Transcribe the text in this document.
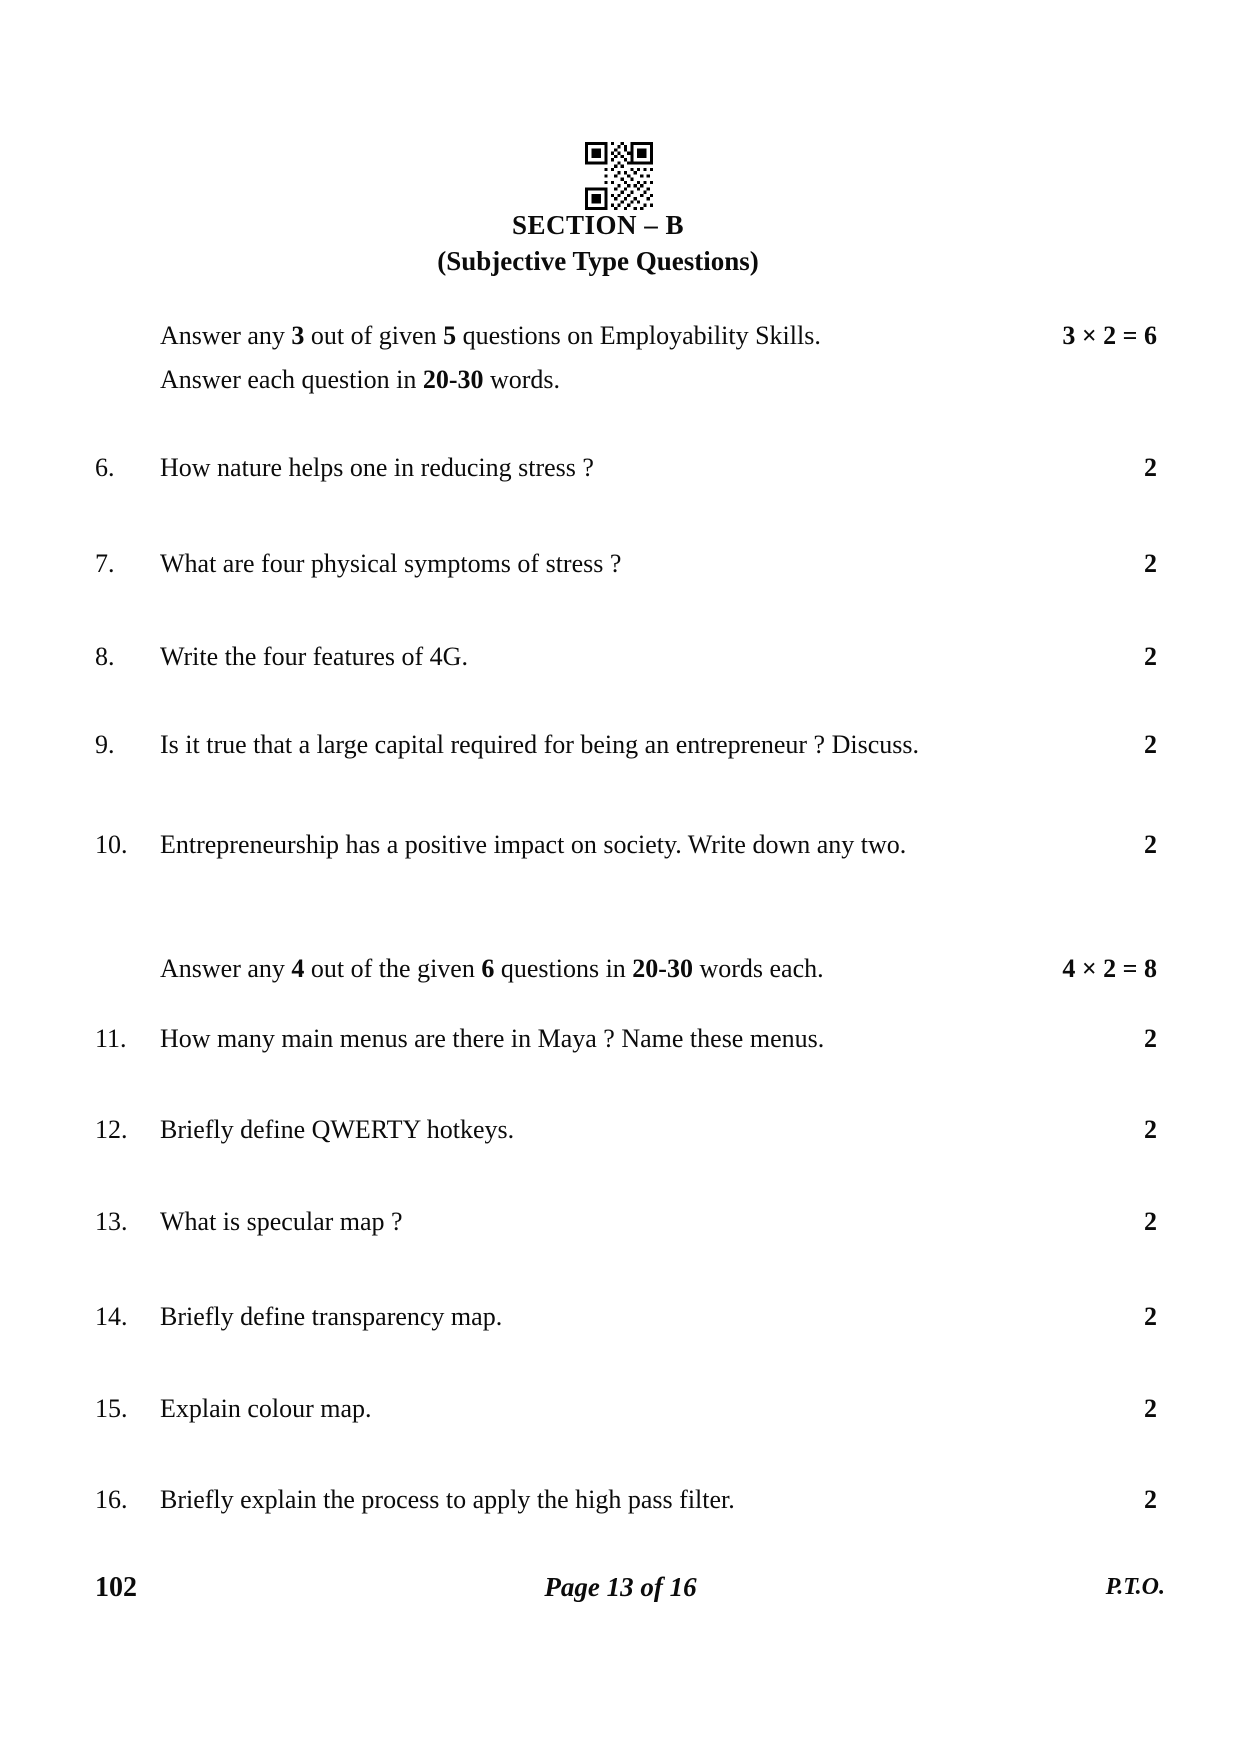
SECTION – B
(Subjective Type Questions)
Answer any 3 out of given 5 questions on Employability Skills.	3 × 2 = 6
Answer each question in 20-30 words.
6.	How nature helps one in reducing stress ?	2
7.	What are four physical symptoms of stress ?	2
8.	Write the four features of 4G.	2
9.	Is it true that a large capital required for being an entrepreneur ? Discuss.	2
10.	Entrepreneurship has a positive impact on society. Write down any two.	2
Answer any 4 out of the given 6 questions in 20-30 words each.	4 × 2 = 8
11.	How many main menus are there in Maya ? Name these menus.	2
12.	Briefly define QWERTY hotkeys.	2
13.	What is specular map ?	2
14.	Briefly define transparency map.	2
15.	Explain colour map.	2
16.	Briefly explain the process to apply the high pass filter.	2
102	Page 13 of 16	P.T.O.
